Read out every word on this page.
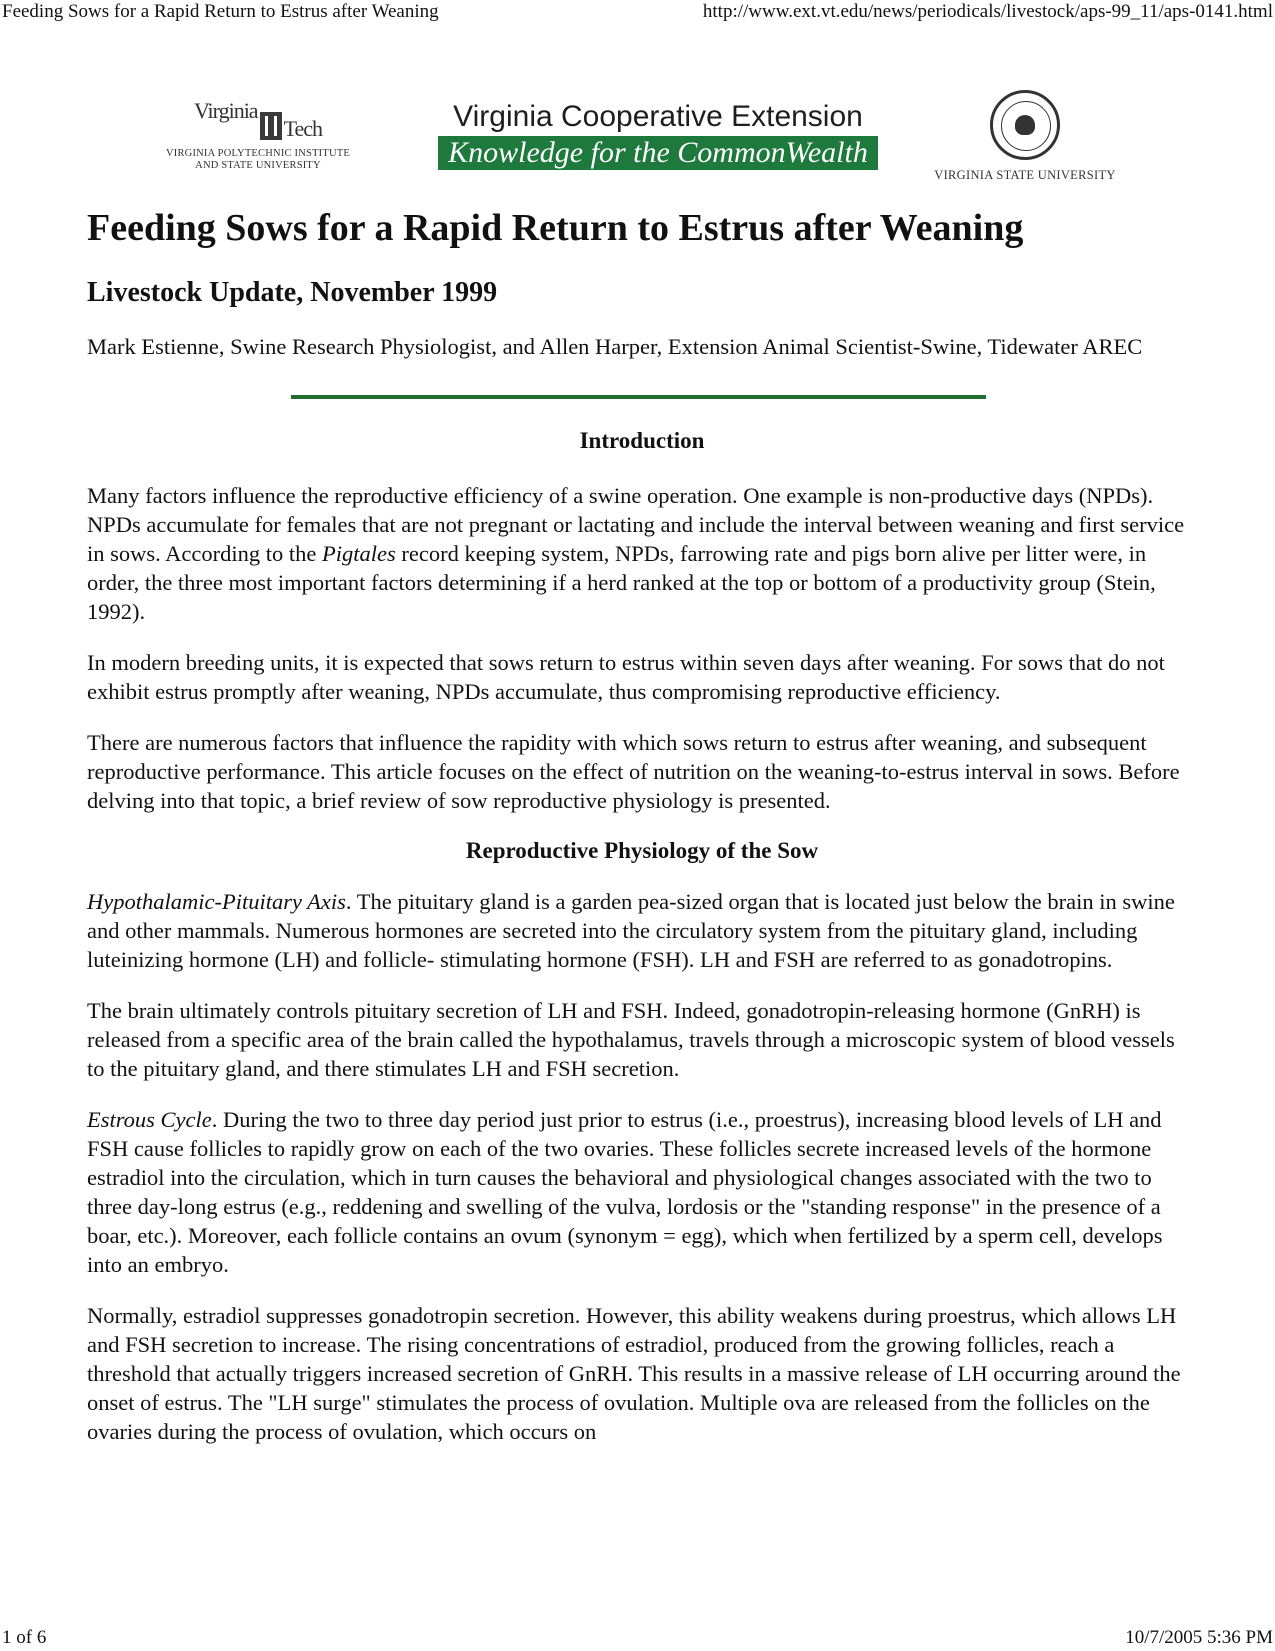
Feeding Sows for a Rapid Return to Estrus after Weaning	http://www.ext.vt.edu/news/periodicals/livestock/aps-99_11/aps-0141.html
VirginiaTech
VIRGINIA POLYTECHNIC INSTITUTE
AND STATE UNIVERSITY
Virginia Cooperative Extension
Knowledge for the CommonWealth
VIRGINIA STATE UNIVERSITY
Feeding Sows for a Rapid Return to Estrus after Weaning
Livestock Update, November 1999
Mark Estienne, Swine Research Physiologist, and Allen Harper, Extension Animal Scientist-Swine, Tidewater AREC
Introduction

Many factors influence the reproductive efficiency of a swine operation. One example is non-productive days (NPDs). NPDs accumulate for females that are not pregnant or lactating and include the interval between weaning and first service in sows. According to the Pigtales record keeping system, NPDs, farrowing rate and pigs born alive per litter were, in order, the three most important factors determining if a herd ranked at the top or bottom of a productivity group (Stein, 1992).

In modern breeding units, it is expected that sows return to estrus within seven days after weaning. For sows that do not exhibit estrus promptly after weaning, NPDs accumulate, thus compromising reproductive efficiency.

There are numerous factors that influence the rapidity with which sows return to estrus after weaning, and subsequent reproductive performance. This article focuses on the effect of nutrition on the weaning-to-estrus interval in sows. Before delving into that topic, a brief review of sow reproductive physiology is presented.

Reproductive Physiology of the Sow

Hypothalamic-Pituitary Axis. The pituitary gland is a garden pea-sized organ that is located just below the brain in swine and other mammals. Numerous hormones are secreted into the circulatory system from the pituitary gland, including luteinizing hormone (LH) and follicle- stimulating hormone (FSH). LH and FSH are referred to as gonadotropins.

The brain ultimately controls pituitary secretion of LH and FSH. Indeed, gonadotropin-releasing hormone (GnRH) is released from a specific area of the brain called the hypothalamus, travels through a microscopic system of blood vessels to the pituitary gland, and there stimulates LH and FSH secretion.

Estrous Cycle. During the two to three day period just prior to estrus (i.e., proestrus), increasing blood levels of LH and FSH cause follicles to rapidly grow on each of the two ovaries. These follicles secrete increased levels of the hormone estradiol into the circulation, which in turn causes the behavioral and physiological changes associated with the two to three day-long estrus (e.g., reddening and swelling of the vulva, lordosis or the "standing response" in the presence of a boar, etc.). Moreover, each follicle contains an ovum (synonym = egg), which when fertilized by a sperm cell, develops into an embryo.

Normally, estradiol suppresses gonadotropin secretion. However, this ability weakens during proestrus, which allows LH and FSH secretion to increase. The rising concentrations of estradiol, produced from the growing follicles, reach a threshold that actually triggers increased secretion of GnRH. This results in a massive release of LH occurring around the onset of estrus. The "LH surge" stimulates the process of ovulation. Multiple ova are released from the follicles on the ovaries during the process of ovulation, which occurs on

1 of 6	10/7/2005 5:36 PM
